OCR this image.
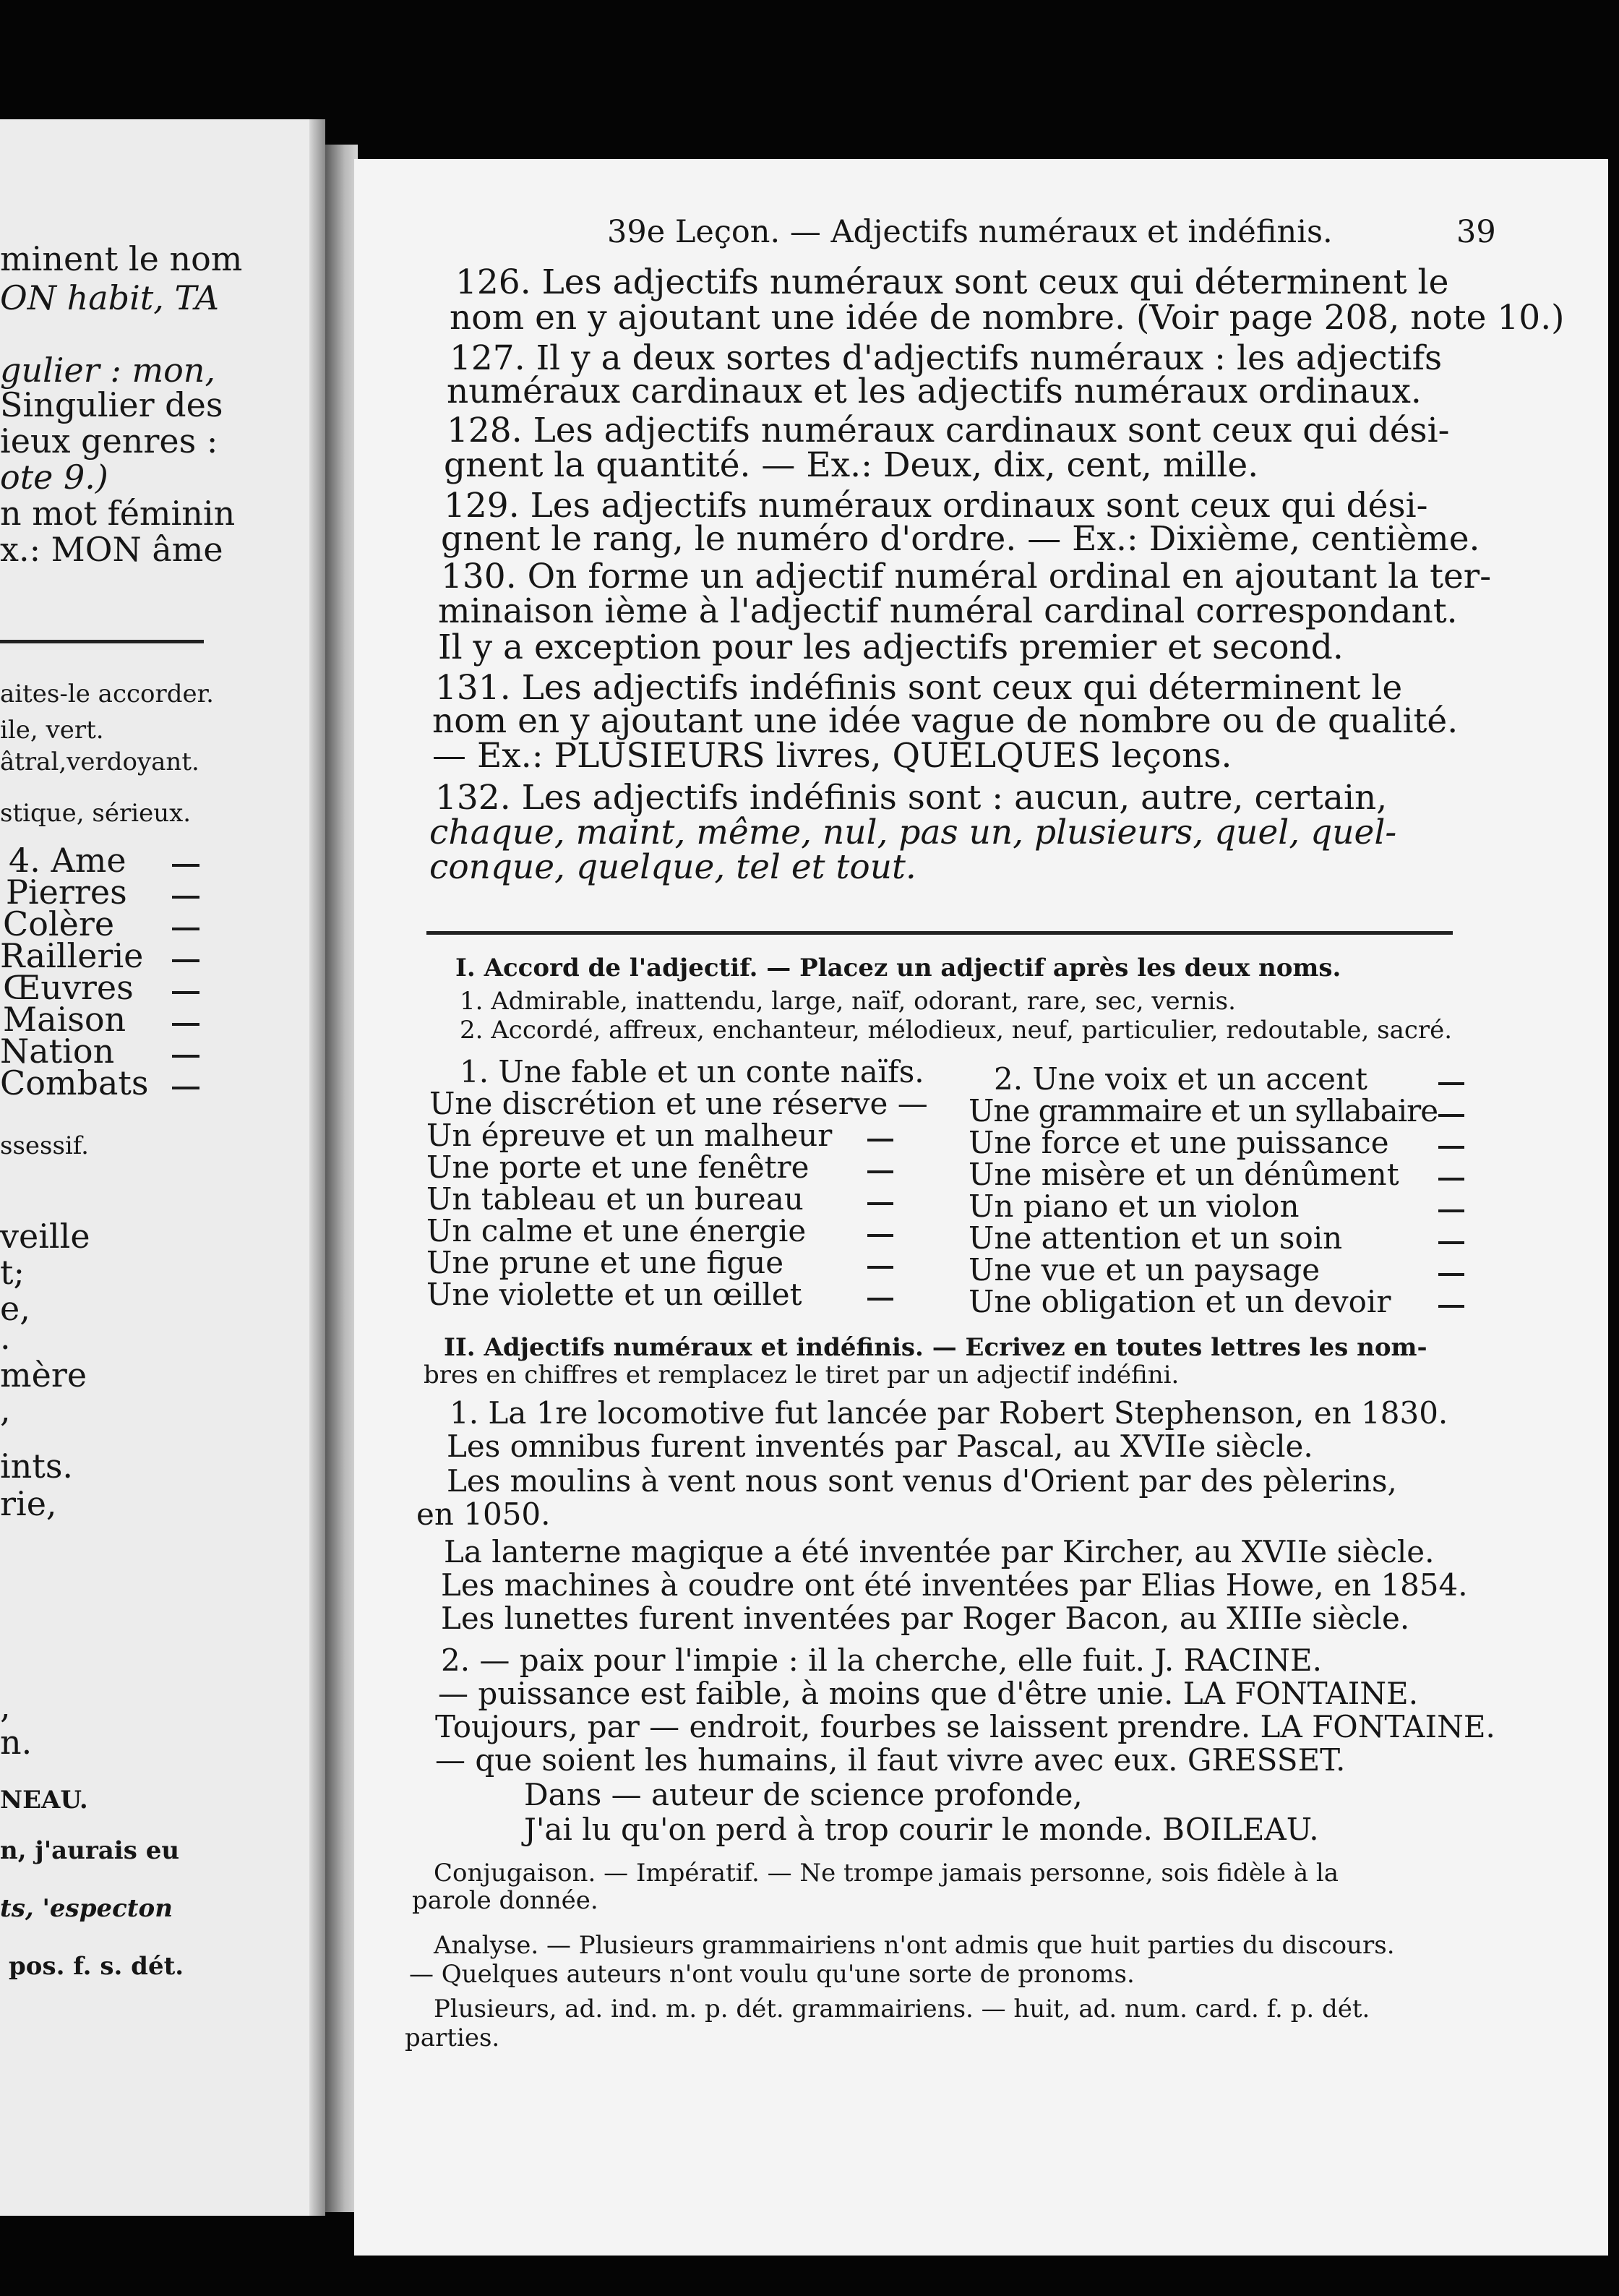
minent le nom
ON habit, TA
gulier : mon,
Singulier des
ieux genres :
ote 9.)
n mot féminin
x.: MON âme
aites-le accorder.
ile, vert.
âtral,verdoyant.
stique, sérieux.
4. Ame
Pierres
Colère
Raillerie
Œuvres
Maison
Nation
Combats
ssessif.
veille
t;
e,
.
mère
,
ints.
rie,
,
n.
NEAU.
n, j'aurais eu
ts, 'especton
pos. f. s. dét.
39e Leçon. — Adjectifs numéraux et indéfinis.	39
126. Les adjectifs numéraux sont ceux qui déterminent le
nom en y ajoutant une idée de nombre. (Voir page 208, note 10.)
127. Il y a deux sortes d'adjectifs numéraux : les adjectifs
numéraux cardinaux et les adjectifs numéraux ordinaux.
128. Les adjectifs numéraux cardinaux sont ceux qui dési-
gnent la quantité. — Ex.: Deux, dix, cent, mille.
129. Les adjectifs numéraux ordinaux sont ceux qui dési-
gnent le rang, le numéro d'ordre. — Ex.: Dixième, centième.
130. On forme un adjectif numéral ordinal en ajoutant la ter-
minaison ième à l'adjectif numéral cardinal correspondant.
Il y a exception pour les adjectifs premier et second.
131. Les adjectifs indéfinis sont ceux qui déterminent le
nom en y ajoutant une idée vague de nombre ou de qualité.
— Ex.: PLUSIEURS livres, QUELQUES leçons.
132. Les adjectifs indéfinis sont : aucun, autre, certain,
chaque, maint, même, nul, pas un, plusieurs, quel, quel-
conque, quelque, tel et tout.
I. Accord de l'adjectif. — Placez un adjectif après les deux noms.
1. Admirable, inattendu, large, naïf, odorant, rare, sec, vernis.
2. Accordé, affreux, enchanteur, mélodieux, neuf, particulier, redoutable, sacré.
1. Une fable et un conte naïfs.
Une discrétion et une réserve —
Un épreuve et un malheur
Une porte et une fenêtre
Un tableau et un bureau
Un calme et une énergie
Une prune et une figue
Une violette et un œillet
2. Une voix et un accent
Une grammaire et un syllabaire
Une force et une puissance
Une misère et un dénûment
Un piano et un violon
Une attention et un soin
Une vue et un paysage
Une obligation et un devoir
II. Adjectifs numéraux et indéfinis. — Ecrivez en toutes lettres les nom-
bres en chiffres et remplacez le tiret par un adjectif indéfini.
1. La 1re locomotive fut lancée par Robert Stephenson, en 1830.
Les omnibus furent inventés par Pascal, au XVIIe siècle.
Les moulins à vent nous sont venus d'Orient par des pèlerins,
en 1050.
La lanterne magique a été inventée par Kircher, au XVIIe siècle.
Les machines à coudre ont été inventées par Elias Howe, en 1854.
Les lunettes furent inventées par Roger Bacon, au XIIIe siècle.
2. — paix pour l'impie : il la cherche, elle fuit. J. RACINE.
— puissance est faible, à moins que d'être unie. LA FONTAINE.
Toujours, par — endroit, fourbes se laissent prendre. LA FONTAINE.
— que soient les humains, il faut vivre avec eux. GRESSET.
Dans — auteur de science profonde,
J'ai lu qu'on perd à trop courir le monde. BOILEAU.
Conjugaison. — Impératif. — Ne trompe jamais personne, sois fidèle à la
parole donnée.
Analyse. — Plusieurs grammairiens n'ont admis que huit parties du discours.
— Quelques auteurs n'ont voulu qu'une sorte de pronoms.
Plusieurs, ad. ind. m. p. dét. grammairiens. — huit, ad. num. card. f. p. dét.
parties.
